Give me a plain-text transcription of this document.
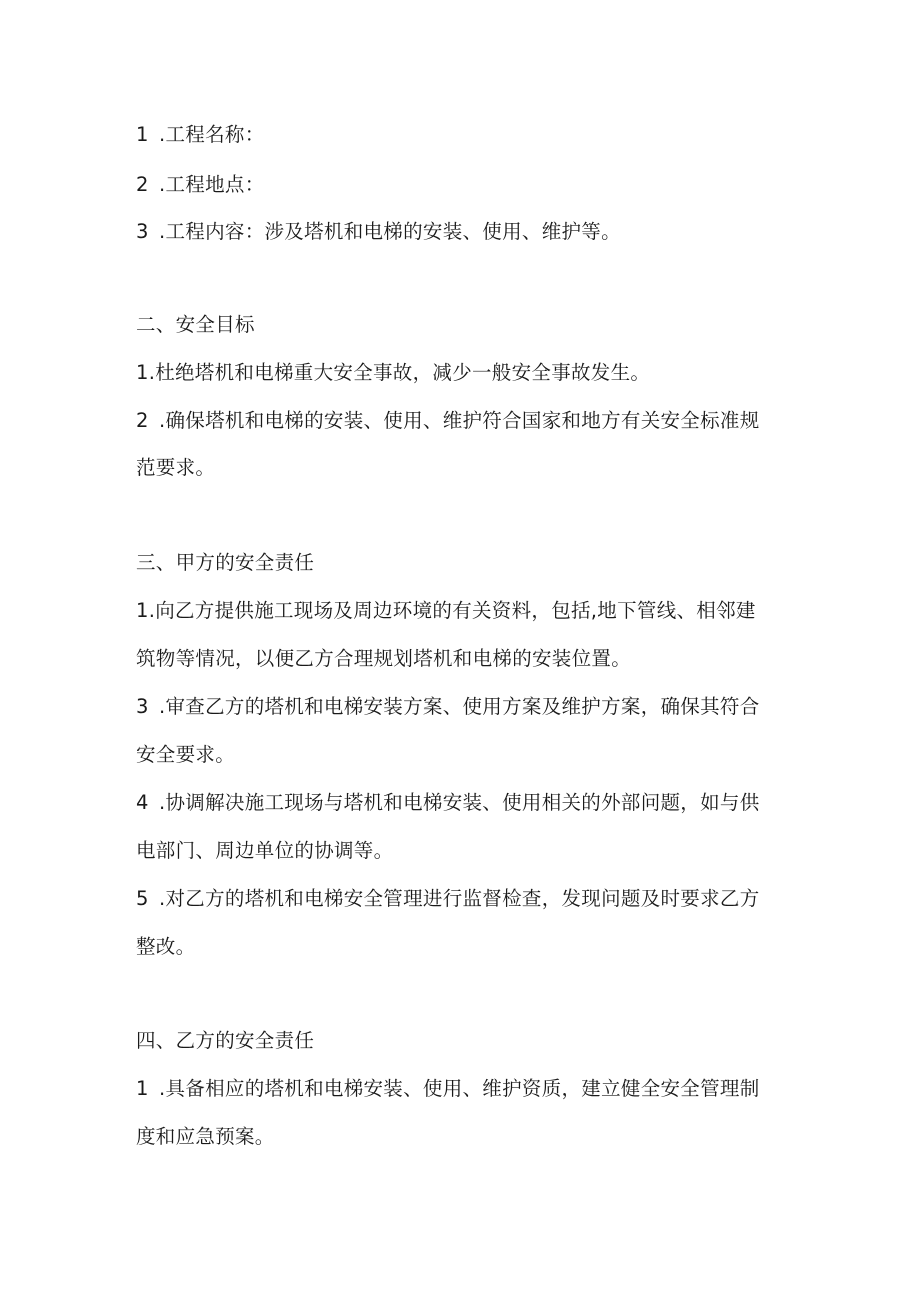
1 .工程名称：
2 .工程地点：
3 .工程内容：涉及塔机和电梯的安装、使用、维护等。
二、安全目标
1.杜绝塔机和电梯重大安全事故，减少一般安全事故发生。
2 .确保塔机和电梯的安装、使用、维护符合国家和地方有关安全标准规
范要求。
三、甲方的安全责任
1.向乙方提供施工现场及周边环境的有关资料，包括,地下管线、相邻建
筑物等情况，以便乙方合理规划塔机和电梯的安装位置。
3 .审查乙方的塔机和电梯安装方案、使用方案及维护方案，确保其符合
安全要求。
4 .协调解决施工现场与塔机和电梯安装、使用相关的外部问题，如与供
电部门、周边单位的协调等。
5 .对乙方的塔机和电梯安全管理进行监督检查，发现问题及时要求乙方
整改。
四、乙方的安全责任
1 .具备相应的塔机和电梯安装、使用、维护资质，建立健全安全管理制
度和应急预案。
